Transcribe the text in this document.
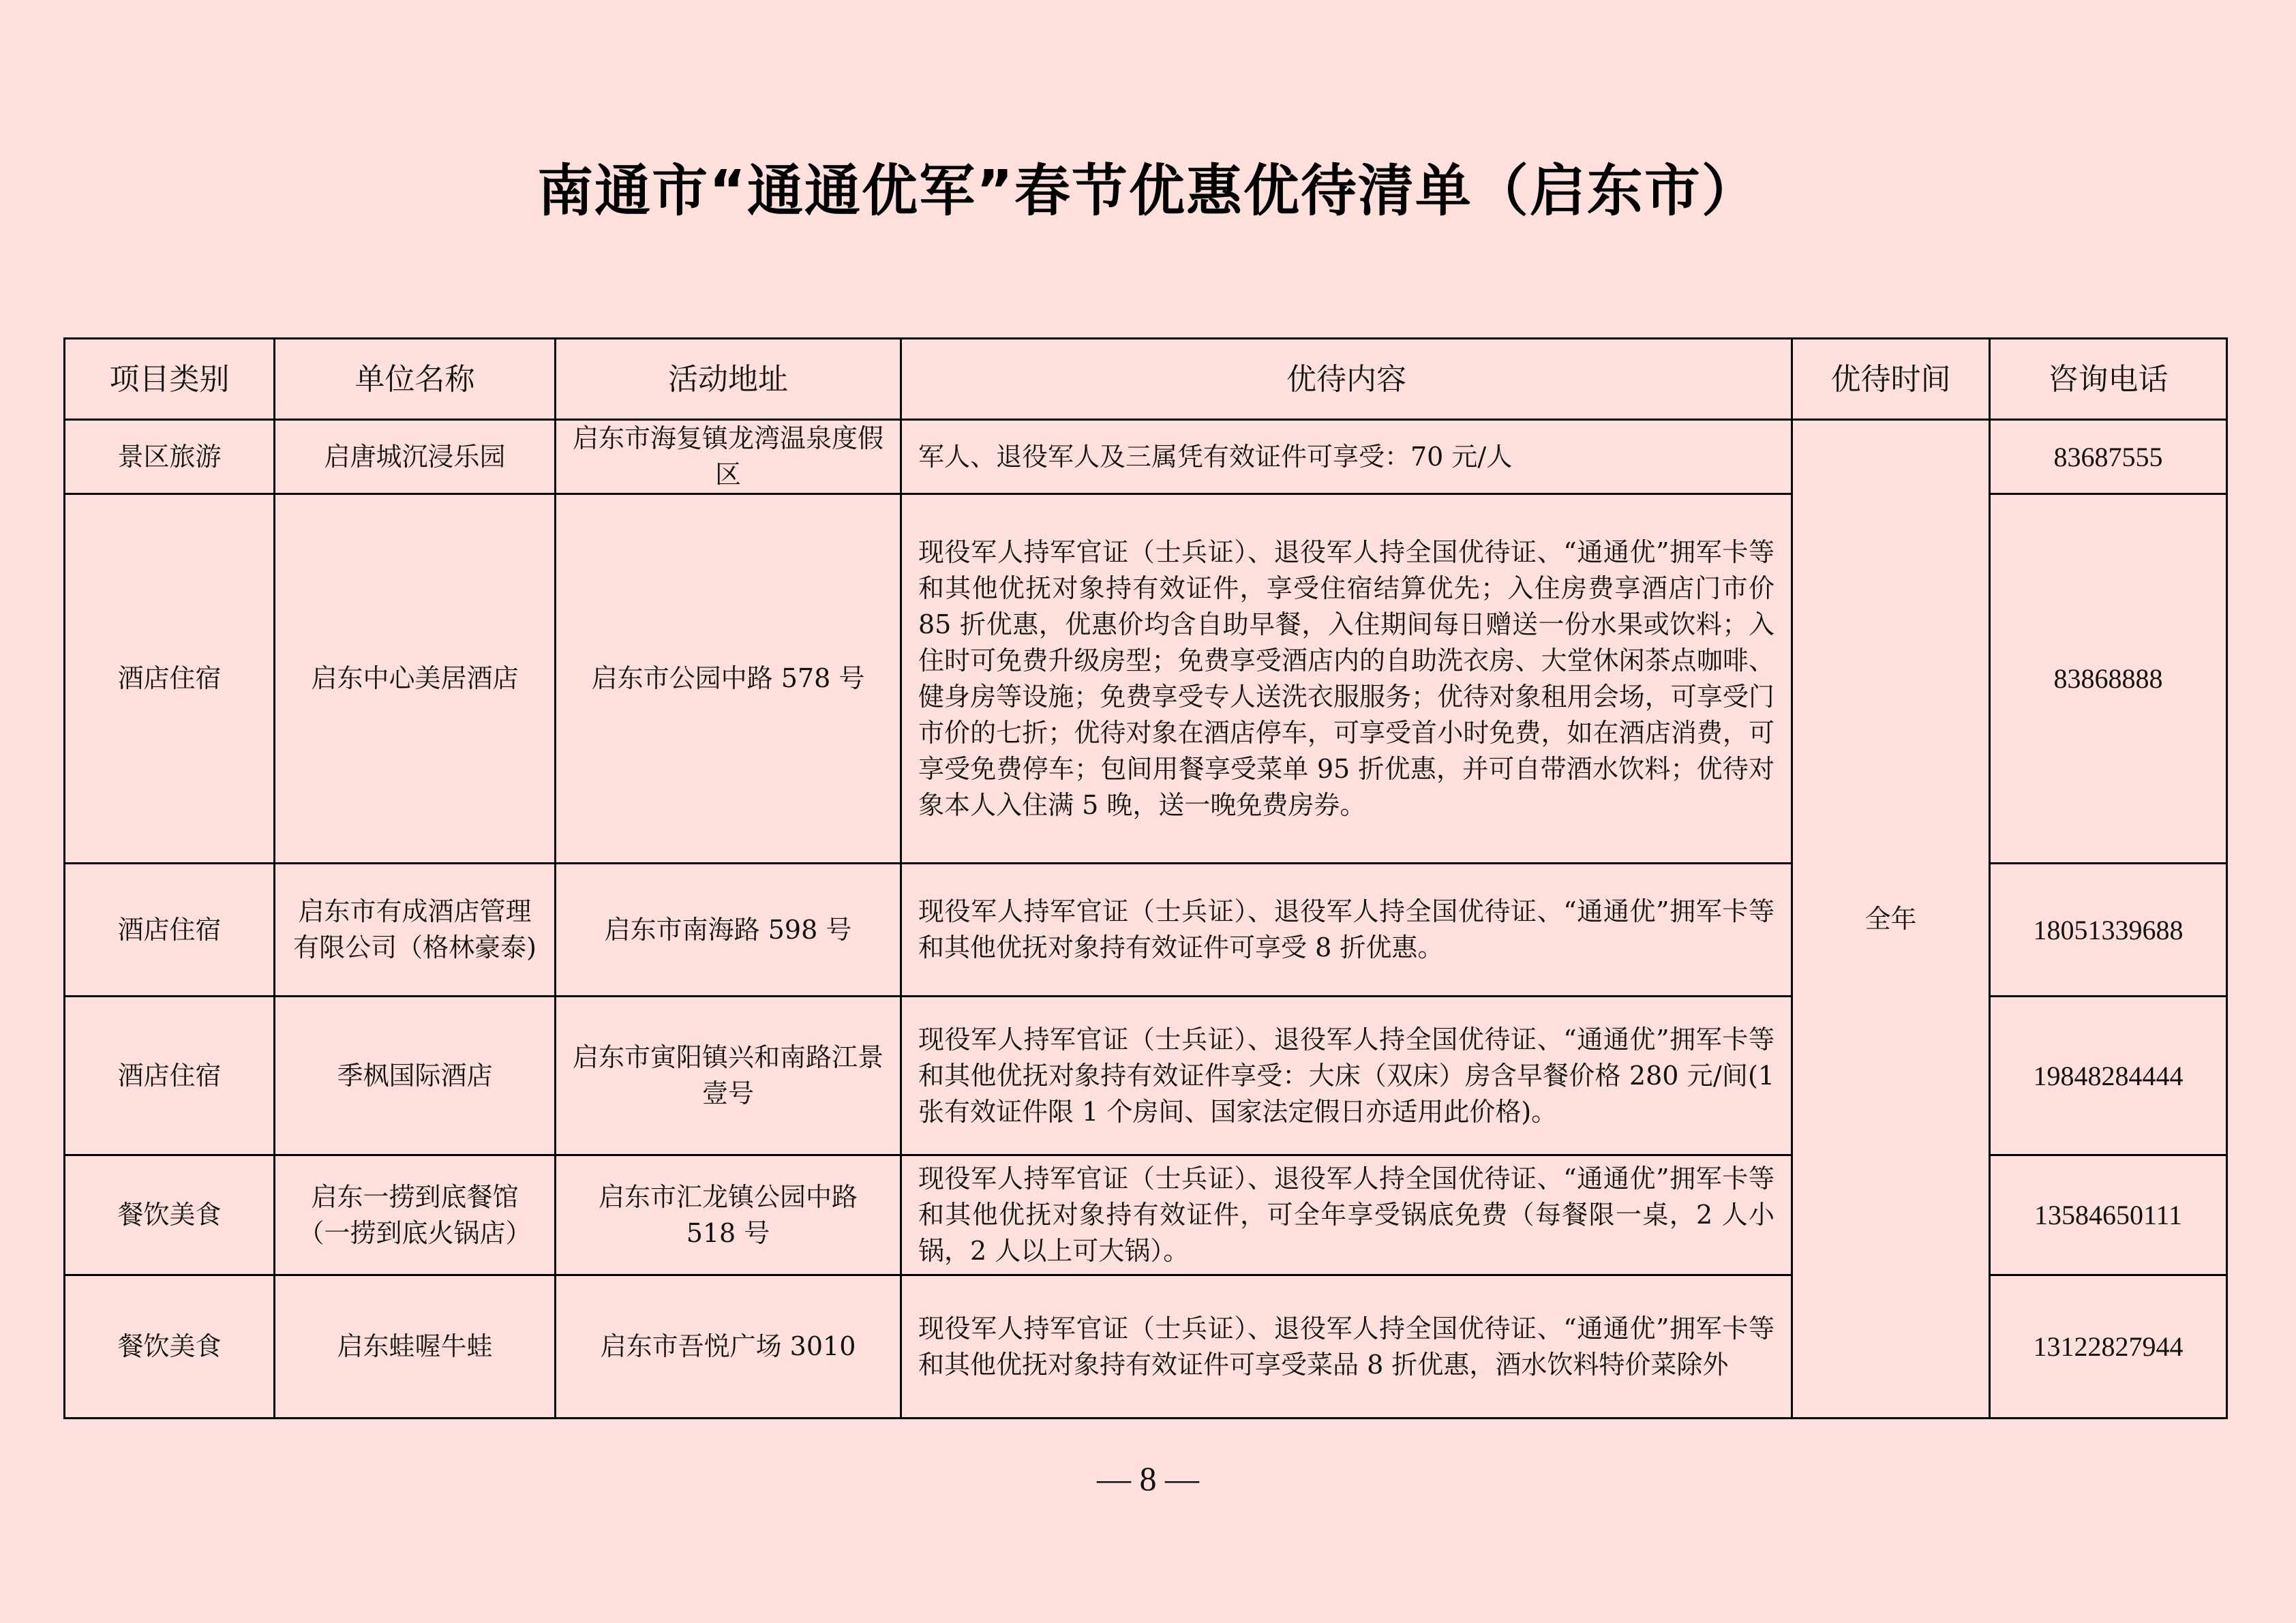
南通市“通通优军”春节优惠优待清单（启东市）
项目类别	单位名称	活动地址	优待内容	优待时间	咨询电话
景区旅游	启唐城沉浸乐园	启东市海复镇龙湾温泉度假区	军人、退役军人及三属凭有效证件可享受：70 元/人	全年	83687555
酒店住宿	启东中心美居酒店	启东市公园中路 578 号	现役军人持军官证（士兵证）、退役军人持全国优待证、“通通优”拥军卡等和其他优抚对象持有效证件，享受住宿结算优先；入住房费享酒店门市价 85 折优惠，优惠价均含自助早餐，入住期间每日赠送一份水果或饮料；入住时可免费升级房型；免费享受酒店内的自助洗衣房、大堂休闲茶点咖啡、健身房等设施；免费享受专人送洗衣服服务；优待对象租用会场，可享受门市价的七折；优待对象在酒店停车，可享受首小时免费，如在酒店消费，可享受免费停车；包间用餐享受菜单 95 折优惠，并可自带酒水饮料；优待对象本人入住满 5 晚，送一晚免费房券。		83868888
酒店住宿	启东市有成酒店管理有限公司（格林豪泰)	启东市南海路 598 号	现役军人持军官证（士兵证）、退役军人持全国优待证、“通通优”拥军卡等和其他优抚对象持有效证件可享受 8 折优惠。		18051339688
酒店住宿	季枫国际酒店	启东市寅阳镇兴和南路江景壹号	现役军人持军官证（士兵证）、退役军人持全国优待证、“通通优”拥军卡等和其他优抚对象持有效证件享受：大床（双床）房含早餐价格 280 元/间(1 张有效证件限 1 个房间、国家法定假日亦适用此价格)。		19848284444
餐饮美食	启东一捞到底餐馆（一捞到底火锅店）	启东市汇龙镇公园中路 518 号	现役军人持军官证（士兵证）、退役军人持全国优待证、“通通优”拥军卡等和其他优抚对象持有效证件，可全年享受锅底免费（每餐限一桌，2 人小锅，2 人以上可大锅）。		13584650111
餐饮美食	启东蛙喔牛蛙	启东市吾悦广场 3010	现役军人持军官证（士兵证）、退役军人持全国优待证、“通通优”拥军卡等和其他优抚对象持有效证件可享受菜品 8 折优惠，酒水饮料特价菜除外		13122827944
— 8 —
